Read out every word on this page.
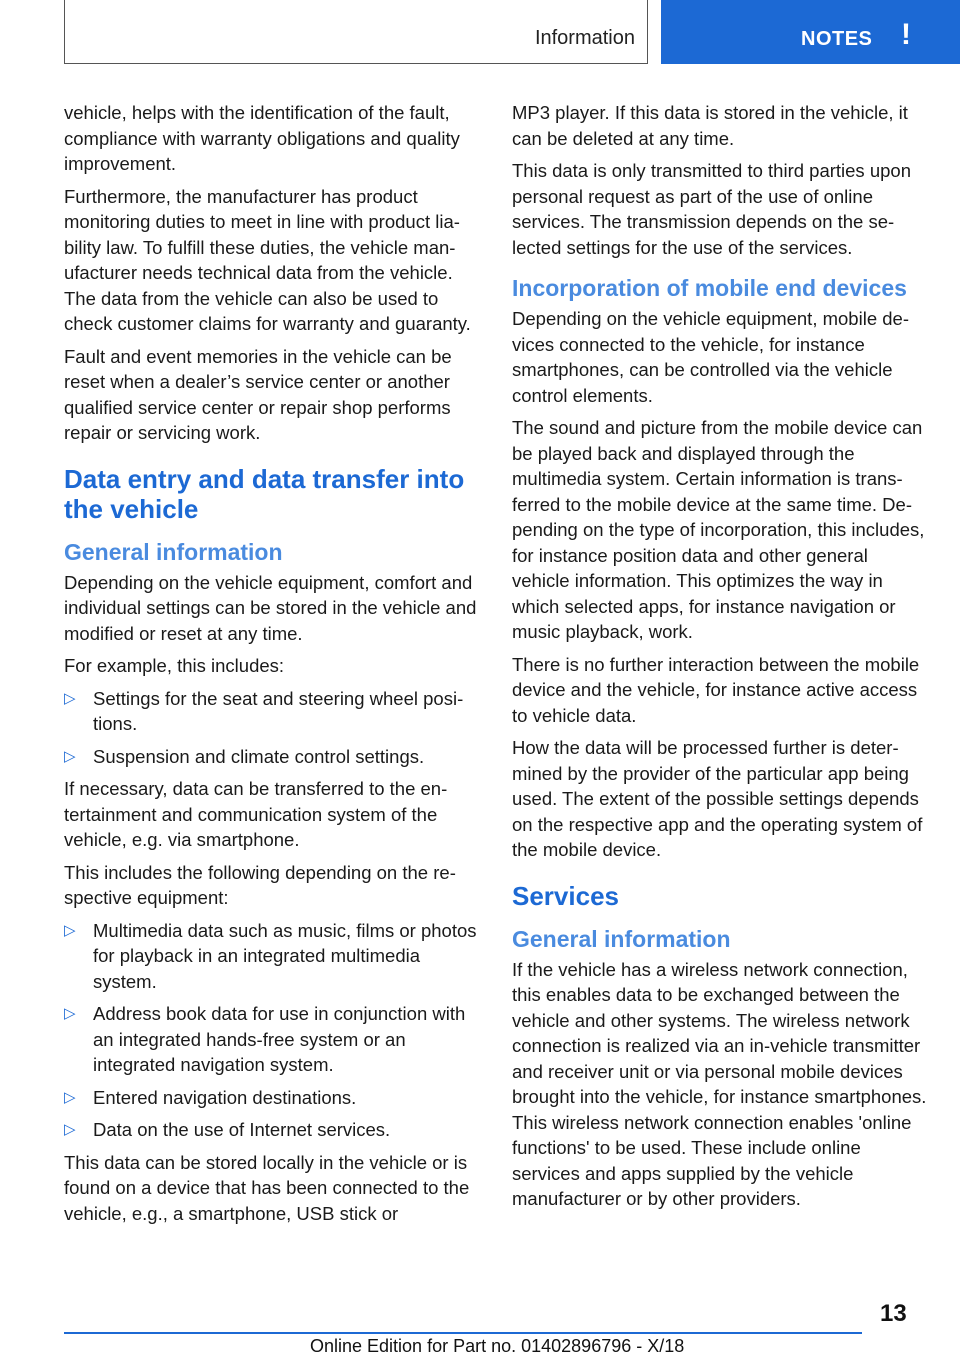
Information	NOTES !

vehicle, helps with the identification of the fault, compliance with warranty obligations and quality improvement.

Furthermore, the manufacturer has product monitoring duties to meet in line with product liability law. To fulfill these duties, the vehicle manufacturer needs technical data from the vehicle. The data from the vehicle can also be used to check customer claims for warranty and guaranty.

Fault and event memories in the vehicle can be reset when a dealer’s service center or another qualified service center or repair shop performs repair or servicing work.

Data entry and data transfer into the vehicle
General information

Depending on the vehicle equipment, comfort and individual settings can be stored in the vehicle and modified or reset at any time.

For example, this includes:

▷ Settings for the seat and steering wheel positions.
▷ Suspension and climate control settings.

If necessary, data can be transferred to the entertainment and communication system of the vehicle, e.g. via smartphone.

This includes the following depending on the respective equipment:

▷ Multimedia data such as music, films or photos for playback in an integrated multimedia system.
▷ Address book data for use in conjunction with an integrated hands-free system or an integrated navigation system.
▷ Entered navigation destinations.
▷ Data on the use of Internet services.

This data can be stored locally in the vehicle or is found on a device that has been connected to the vehicle, e.g., a smartphone, USB stick or

MP3 player. If this data is stored in the vehicle, it can be deleted at any time.

This data is only transmitted to third parties upon personal request as part of the use of online services. The transmission depends on the selected settings for the use of the services.

Incorporation of mobile end devices

Depending on the vehicle equipment, mobile devices connected to the vehicle, for instance smartphones, can be controlled via the vehicle control elements.

The sound and picture from the mobile device can be played back and displayed through the multimedia system. Certain information is transferred to the mobile device at the same time. Depending on the type of incorporation, this includes, for instance position data and other general vehicle information. This optimizes the way in which selected apps, for instance navigation or music playback, work.

There is no further interaction between the mobile device and the vehicle, for instance active access to vehicle data.

How the data will be processed further is determined by the provider of the particular app being used. The extent of the possible settings depends on the respective app and the operating system of the mobile device.

Services
General information

If the vehicle has a wireless network connection, this enables data to be exchanged between the vehicle and other systems. The wireless network connection is realized via an in-vehicle transmitter and receiver unit or via personal mobile devices brought into the vehicle, for instance smartphones. This wireless network connection enables 'online functions' to be used. These include online services and apps supplied by the vehicle manufacturer or by other providers.

13
Online Edition for Part no. 01402896796 - X/18
